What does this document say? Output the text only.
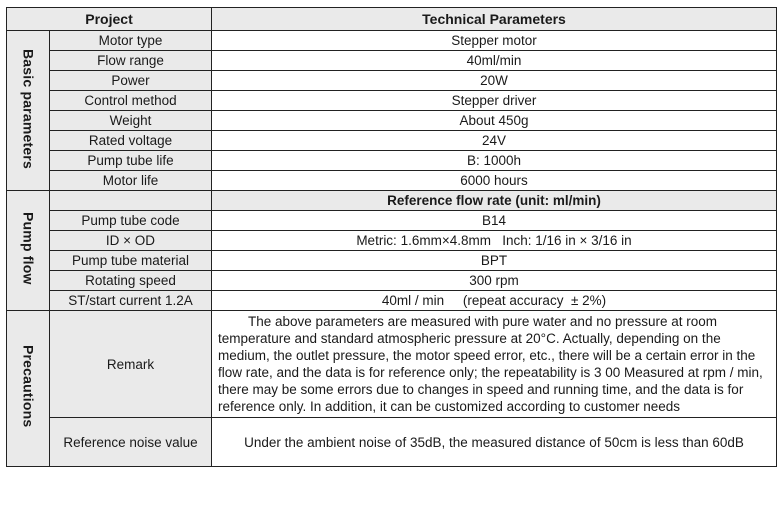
Project		Technical Parameters
Basic parameters	Motor type	Stepper motor
	Flow range	40ml/min
	Power	20W
	Control method	Stepper driver
	Weight	About 450g
	Rated voltage	24V
	Pump tube life	B: 1000h
	Motor life	6000 hours
Pump flow		Reference flow rate (unit: ml/min)
	Pump tube code	B14
	ID × OD	Metric: 1.6mm×4.8mm   Inch: 1/16 in × 3/16 in
	Pump tube material	BPT
	Rotating speed	300 rpm
	ST/start current 1.2A	40ml / min     (repeat accuracy  ± 2%)
Precautions	Remark	The above parameters are measured with pure water and no pressure at room temperature and standard atmospheric pressure at 20°C. Actually, depending on the medium, the outlet pressure, the motor speed error, etc., there will be a certain error in the flow rate, and the data is for reference only; the repeatability is 3 00 Measured at rpm / min, there may be some errors due to changes in speed and running time, and the data is for reference only. In addition, it can be customized according to customer needs
	Reference noise value	Under the ambient noise of 35dB, the measured distance of 50cm is less than 60dB
